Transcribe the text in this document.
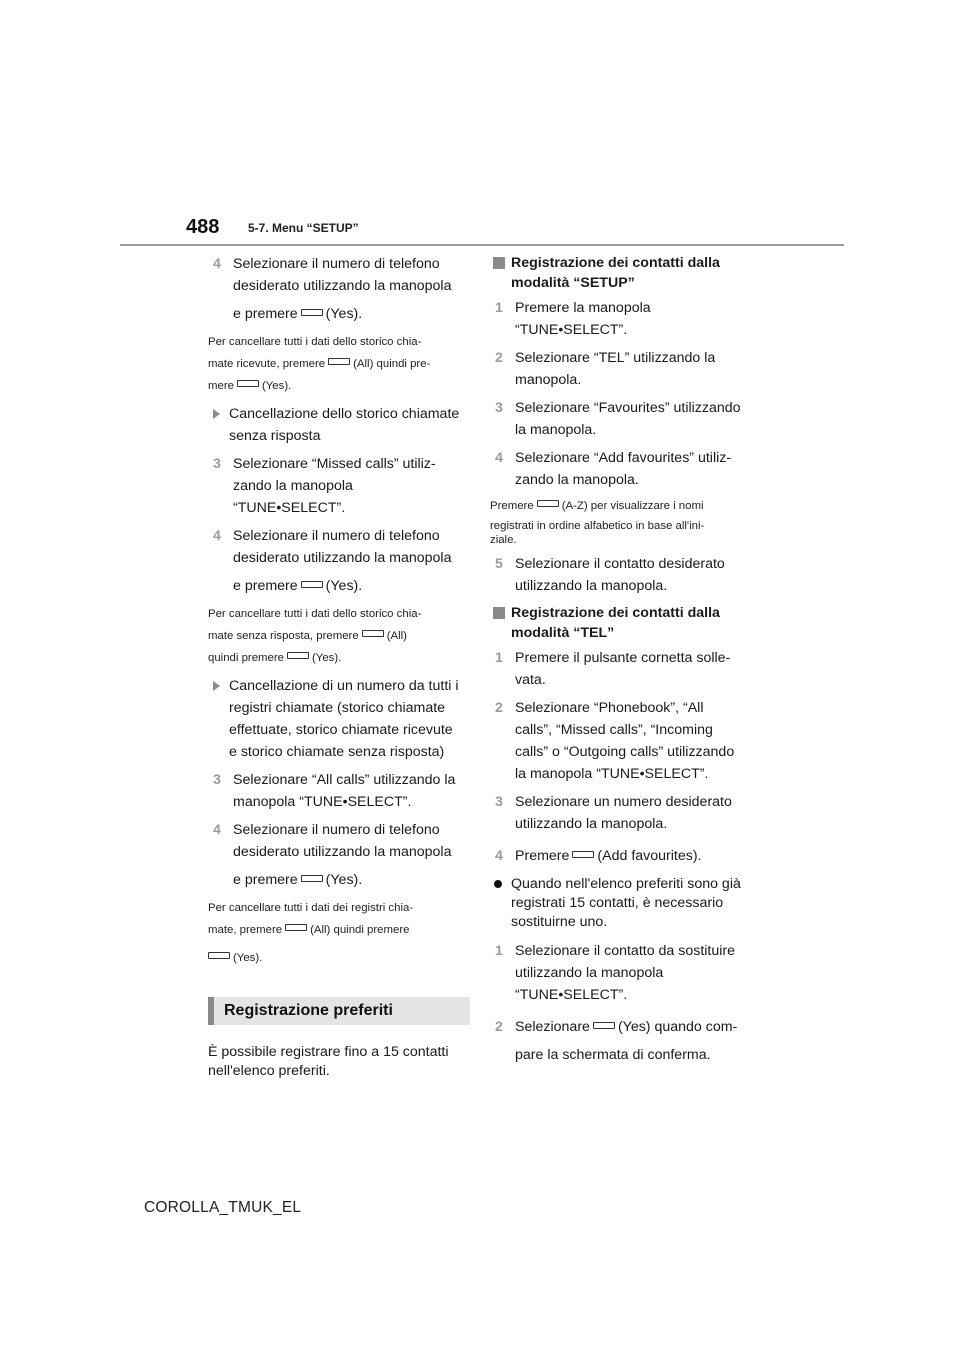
488 5-7. Menu “SETUP”
4 Selezionare il numero di telefono
desiderato utilizzando la manopola
e premere (Yes).
Per cancellare tutti i dati dello storico chia-
mate ricevute, premere (All) quindi pre-
mere (Yes).
Cancellazione dello storico chiamate
senza risposta
3 Selezionare “Missed calls” utiliz-
zando la manopola
“TUNE•SELECT”.
4 Selezionare il numero di telefono
desiderato utilizzando la manopola
e premere (Yes).
Per cancellare tutti i dati dello storico chia-
mate senza risposta, premere (All)
quindi premere (Yes).
Cancellazione di un numero da tutti i
registri chiamate (storico chiamate
effettuate, storico chiamate ricevute
e storico chiamate senza risposta)
3 Selezionare “All calls” utilizzando la
manopola “TUNE•SELECT”.
4 Selezionare il numero di telefono
desiderato utilizzando la manopola
e premere (Yes).
Per cancellare tutti i dati dei registri chia-
mate, premere (All) quindi premere
(Yes).
Registrazione preferiti
È possibile registrare fino a 15 contatti
nell'elenco preferiti.
Registrazione dei contatti dalla
modalità “SETUP”
1 Premere la manopola
“TUNE•SELECT”.
2 Selezionare “TEL” utilizzando la
manopola.
3 Selezionare “Favourites” utilizzando
la manopola.
4 Selezionare “Add favourites” utiliz-
zando la manopola.
Premere (A-Z) per visualizzare i nomi
registrati in ordine alfabetico in base all'ini-
ziale.
5 Selezionare il contatto desiderato
utilizzando la manopola.
Registrazione dei contatti dalla
modalità “TEL”
1 Premere il pulsante cornetta solle-
vata.
2 Selezionare “Phonebook”, “All
calls”, “Missed calls”, “Incoming
calls” o “Outgoing calls” utilizzando
la manopola “TUNE•SELECT”.
3 Selezionare un numero desiderato
utilizzando la manopola.
4 Premere (Add favourites).
Quando nell'elenco preferiti sono già
registrati 15 contatti, è necessario
sostituirne uno.
1 Selezionare il contatto da sostituire
utilizzando la manopola
“TUNE•SELECT”.
2 Selezionare (Yes) quando com-
pare la schermata di conferma.
COROLLA_TMUK_EL
